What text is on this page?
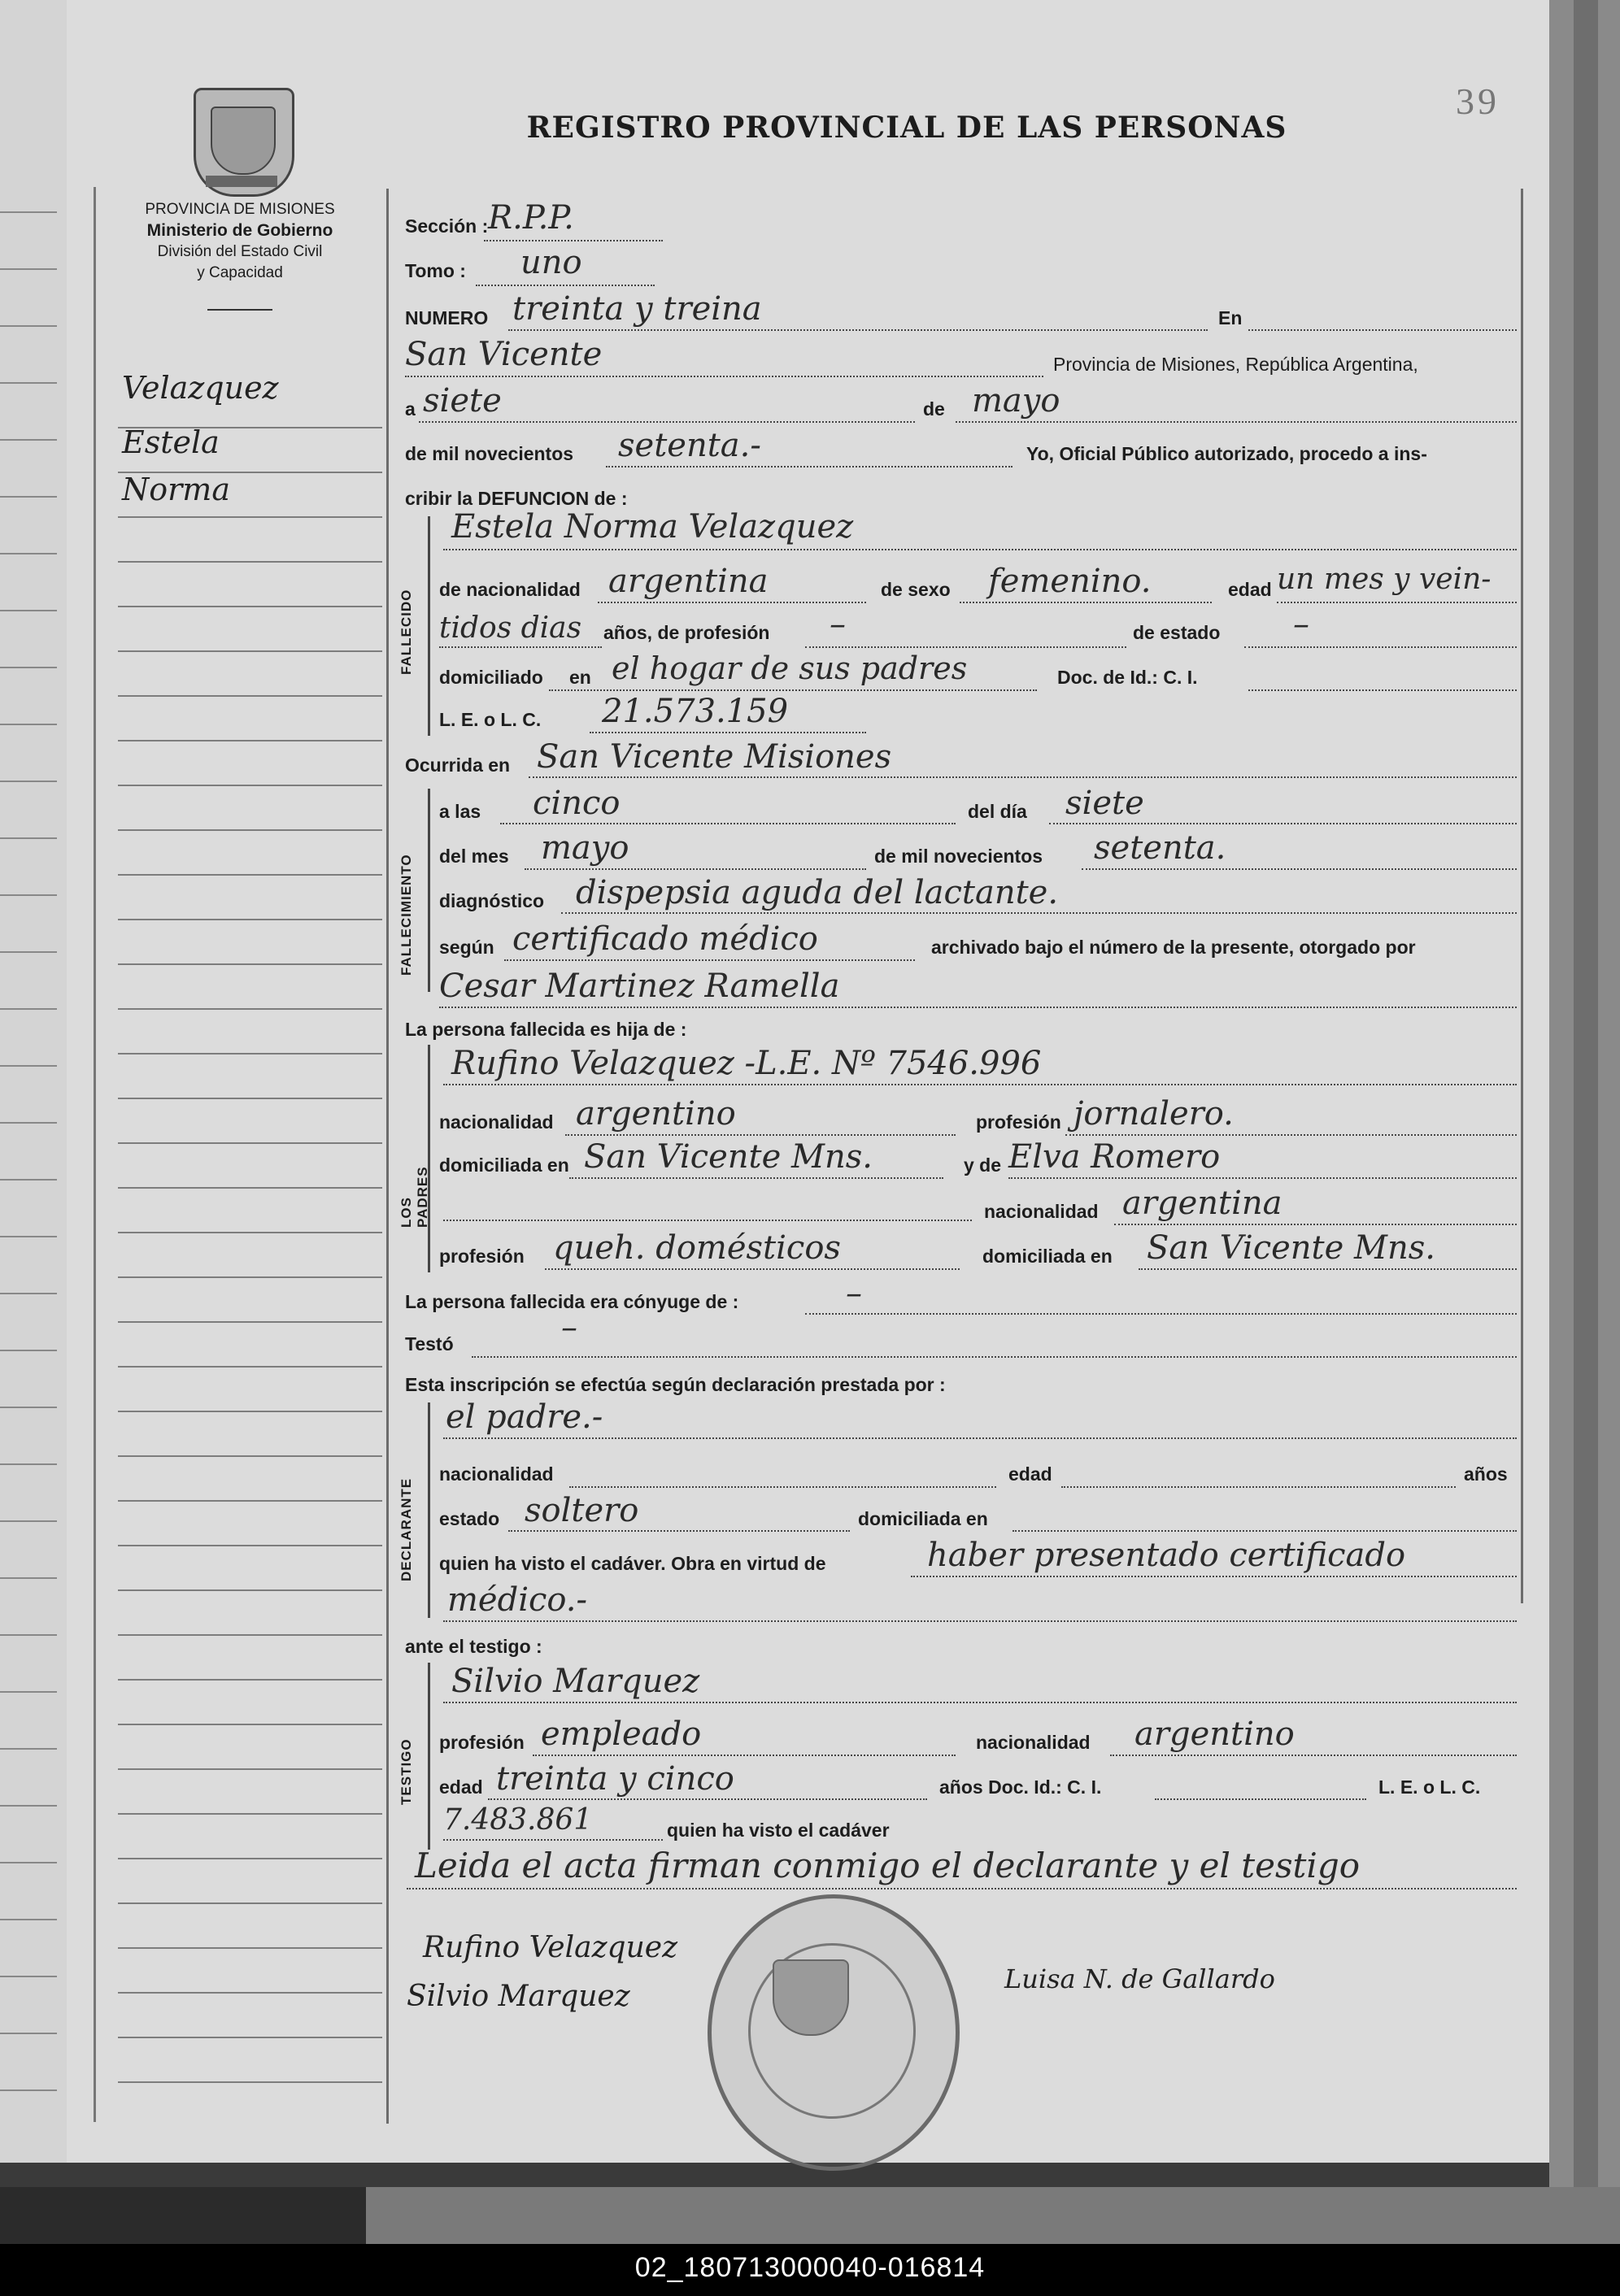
PROVINCIA DE MISIONES
Ministerio de Gobierno
División del Estado Civil
y Capacidad
REGISTRO PROVINCIAL DE LAS PERSONAS
39
Velazquez
Estela
Norma
Sección : R.P.P.
Tomo : uno
NUMERO treinta y treina	En
San Vicente	Provincia de Misiones, República Argentina,
a siete	de mayo
de mil novecientos setenta.-	Yo, Oficial Público autorizado, procedo a ins-
cribir la DEFUNCION de :
Estela Norma Velazquez
de nacionalidad argentina	de sexo femenino.	edad un mes y vein-
tidos dias años, de profesión –	de estado –
domiciliado en el hogar de sus padres	Doc. de Id.: C. I.
L. E. o L. C. 21.573.159
Ocurrida en San Vicente Misiones
a las cinco	del día siete
del mes mayo	de mil novecientos setenta.
diagnóstico dispepsia aguda del lactante.
según certificado médico	archivado bajo el número de la presente, otorgado por
Cesar Martinez Ramella
La persona fallecida es hija de :
LOS PADRES
Rufino Velazquez -L.E. Nº 7546.996
nacionalidad argentino	profesión jornalero.
domiciliada en San Vicente Mns.	y de Elva Romero
nacionalidad argentina
profesión queh. domésticos	domiciliada en San Vicente Mns.
La persona fallecida era cónyuge de :	–
Testó	–
Esta inscripción se efectúa según declaración prestada por :
el padre.-
nacionalidad	edad	años
estado soltero	domiciliada en
quien ha visto el cadáver. Obra en virtud de	haber presentado certificado
médico.-
ante el testigo :
TESTIGO
Silvio Marquez
profesión empleado	nacionalidad argentino
edad treinta y cinco	años Doc. Id.: C. I.	L. E. o L. C.
7.483.861	quien ha visto el cadáver
Leida el acta firman conmigo el declarante y el testigo
Rufino Velazquez
Silvio Marquez
Luisa N. de Gallardo
02_180713000040-016814
